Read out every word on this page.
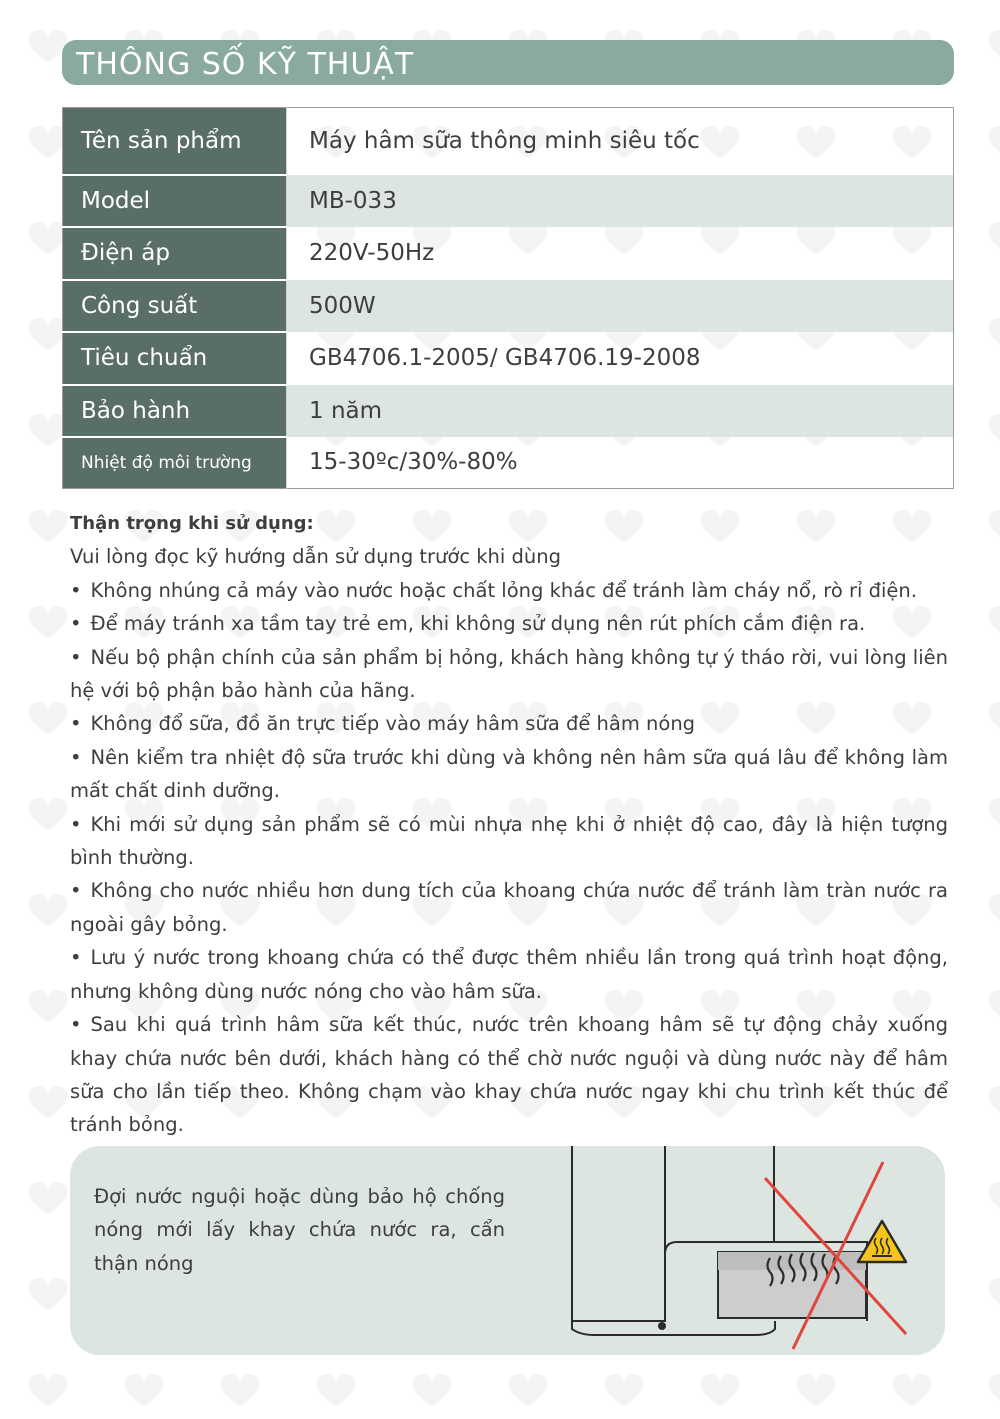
THÔNG SỐ KỸ THUẬT
Tên sản phẩm	Máy hâm sữa thông minh siêu tốc
Model	MB-033
Điện áp	220V-50Hz
Công suất	500W
Tiêu chuẩn	GB4706.1-2005/ GB4706.19-2008
Bảo hành	1 năm
Nhiệt độ môi trường	15-30ºc/30%-80%

Thận trọng khi sử dụng:

Vui lòng đọc kỹ hướng dẫn sử dụng trước khi dùng

• Không nhúng cả máy vào nước hoặc chất lỏng khác để tránh làm cháy nổ, rò rỉ điện.

• Để máy tránh xa tầm tay trẻ em, khi không sử dụng nên rút phích cắm điện ra.

• Nếu bộ phận chính của sản phẩm bị hỏng, khách hàng không tự ý tháo rời, vui lòng liên hệ với bộ phận bảo hành của hãng.

• Không đổ sữa, đồ ăn trực tiếp vào máy hâm sữa để hâm nóng

• Nên kiểm tra nhiệt độ sữa trước khi dùng và không nên hâm sữa quá lâu để không làm mất chất dinh dưỡng.

• Khi mới sử dụng sản phẩm sẽ có mùi nhựa nhẹ khi ở nhiệt độ cao, đây là hiện tượng bình thường.

• Không cho nước nhiều hơn dung tích của khoang chứa nước để tránh làm tràn nước ra ngoài gây bỏng.

• Lưu ý nước trong khoang chứa có thể được thêm nhiều lần trong quá trình hoạt động, nhưng không dùng nước nóng cho vào hâm sữa.

• Sau khi quá trình hâm sữa kết thúc, nước trên khoang hâm sẽ tự động chảy xuống khay chứa nước bên dưới, khách hàng có thể chờ nước nguội và dùng nước này để hâm sữa cho lần tiếp theo. Không chạm vào khay chứa nước ngay khi chu trình kết thúc để tránh bỏng.

Đợi nước nguội hoặc dùng bảo hộ chống nóng mới lấy khay chứa nước ra, cẩn thận nóng
